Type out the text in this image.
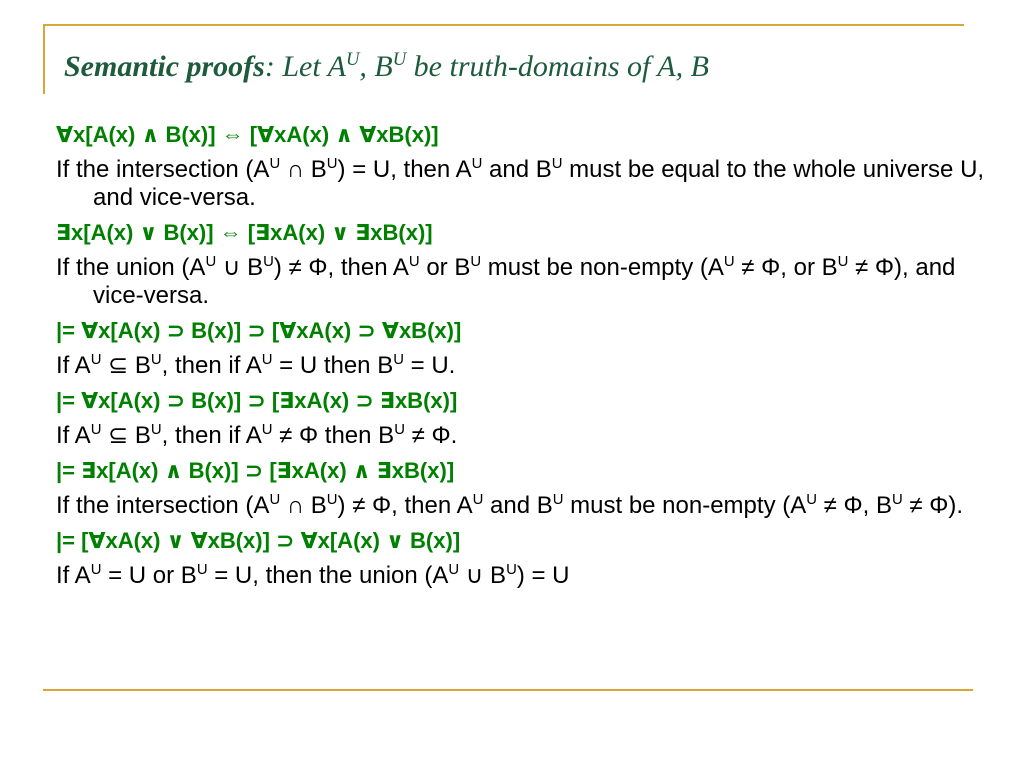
Semantic proofs: Let $A^U$, $B^U$ be truth-domains of A, B

∀x[A(x) ∧ B(x)] ⇔ [∀xA(x) ∧ ∀xB(x)]

If the intersection ($A^U$ ∩ $B^U) = U$, then $A^U$ and $B^U$ must be equal to the whole universe U, and vice-versa.

∃x[A(x) ∨ B(x)] ⇔ [∃xA(x) ∨ ∃xB(x)]

If the union ($A^U$ ∪ $B^U) \ne \Phi$, then $A^U$ or $B^U$ must be non-empty ($A^U \ne \Phi$, or $B^U \ne \Phi$), and vice-versa.

|= ∀x[A(x) ⊃ B(x)] ⊃ [∀xA(x) ⊃ ∀xB(x)]

If $A^U$ ⊆ $B^U$, then if $A^U = U$ then $B^U = U$.

|= ∀x[A(x) ⊃ B(x)] ⊃ [∃xA(x) ⊃ ∃xB(x)]

If $A^U$ ⊆ $B^U$, then if $A^U \ne \Phi$ then $B^U \ne \Phi$.

|= ∃x[A(x) ∧ B(x)] ⊃ [∃xA(x) ∧ ∃xB(x)]

If the intersection ($A^U$ ∩ $B^U) \ne \Phi$, then $A^U$ and $B^U$ must be non-empty ($A^U \ne \Phi$, $B^U \ne \Phi$).

|= [∀xA(x) ∨ ∀xB(x)] ⊃ ∀x[A(x) ∨ B(x)]

If $A^U = U$ or $B^U = U$, then the union ($A^U$ ∪ $B^U) = U$
